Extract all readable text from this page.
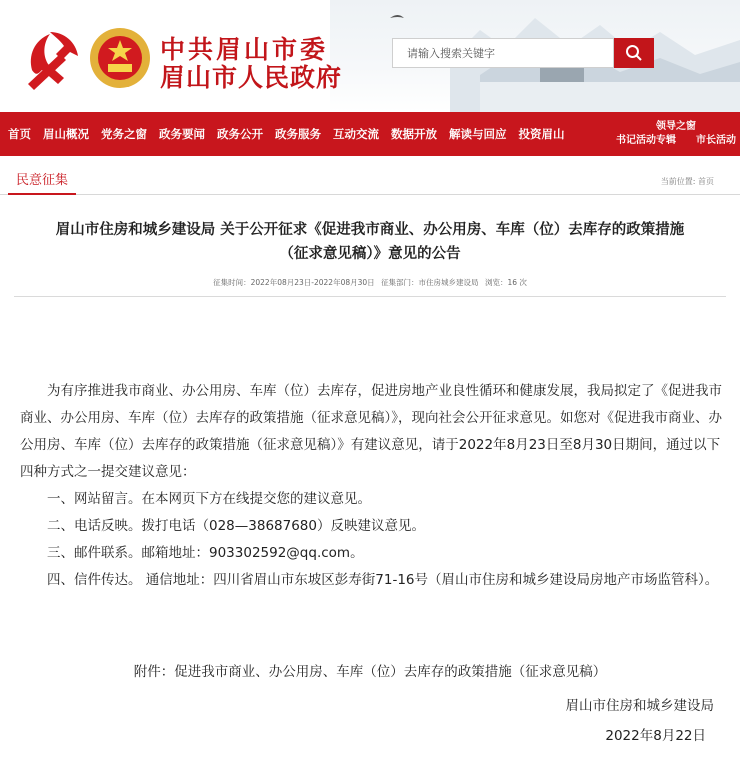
中共眉山市委
眉山市人民政府
请输入搜索关键字
首页 眉山概况 党务之窗 政务要闻 政务公开 政务服务 互动交流 数据开放 解读与回应 投资眉山
领导之窗
书记活动专辑 市长活动
民意征集	当前位置: 首页
眉山市住房和城乡建设局 关于公开征求《促进我市商业、办公用房、车库（位）去库存的政策措施
（征求意见稿）》意见的公告
征集时间：2022年08月23日-2022年08月30日 征集部门：市住房城乡建设局 浏览：16 次

为有序推进我市商业、办公用房、车库（位）去库存，促进房地产业良性循环和健康发展，我局拟定了《促进我市商业、办公用房、车库（位）去库存的政策措施（征求意见稿）》，现向社会公开征求意见。如您对《促进我市商业、办公用房、车库（位）去库存的政策措施（征求意见稿）》有建议意见，请于2022年8月23日至8月30日期间，通过以下四种方式之一提交建议意见：

一、网站留言。在本网页下方在线提交您的建议意见。

二、电话反映。拨打电话（028—38687680）反映建议意见。

三、邮件联系。邮箱地址：903302592@qq.com。

四、信件传达。 通信地址：四川省眉山市东坡区彭寿街71-16号（眉山市住房和城乡建设局房地产市场监管科）。

附件：促进我市商业、办公用房、车库（位）去库存的政策措施（征求意见稿）
眉山市住房和城乡建设局
2022年8月22日
